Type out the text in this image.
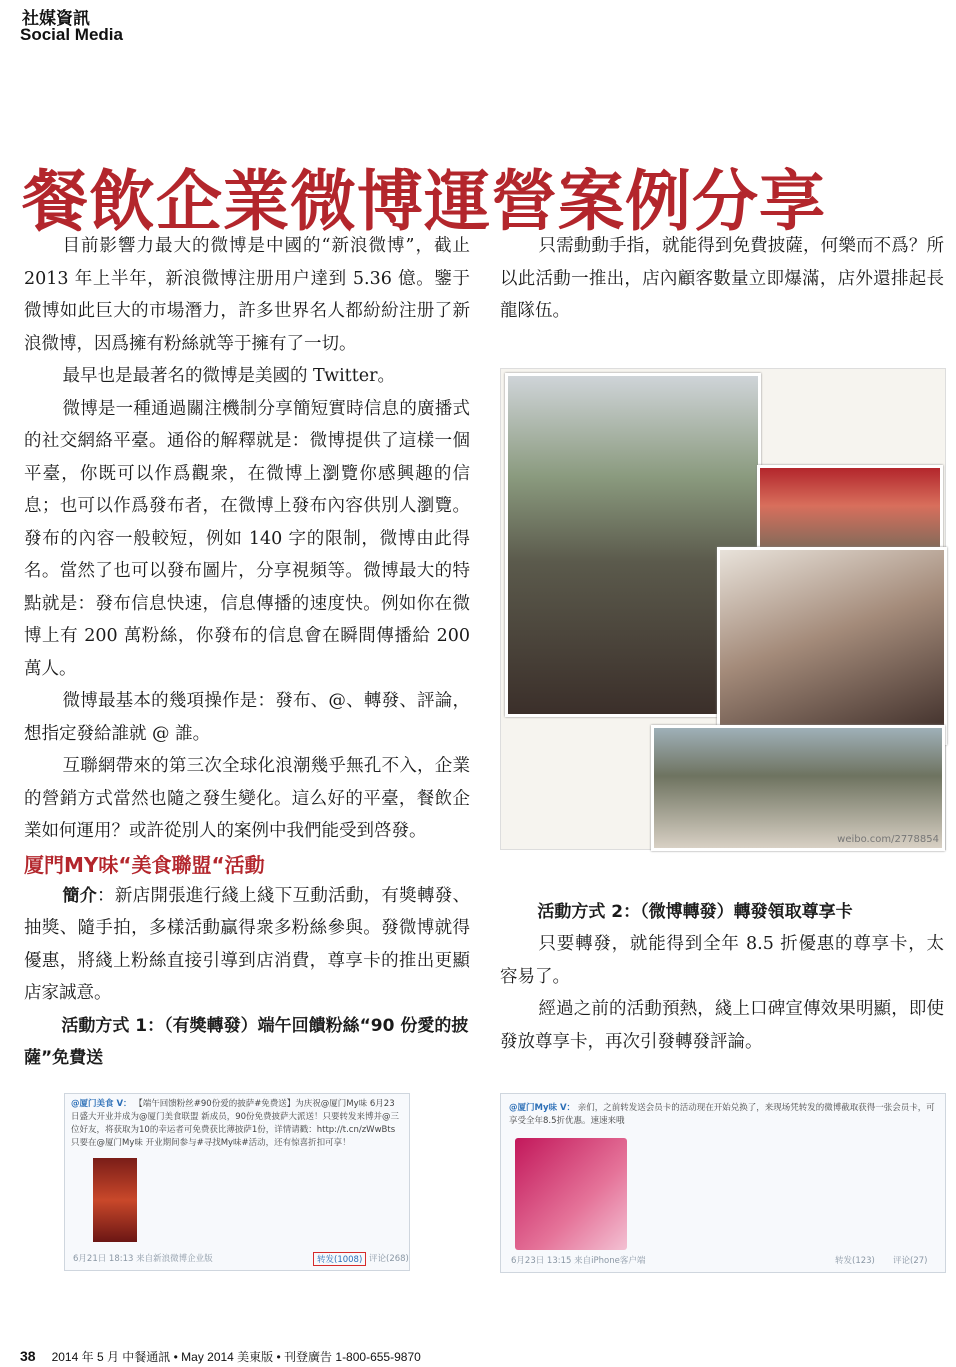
社媒資訊
Social Media
餐飲企業微博運營案例分享

目前影響力最大的微博是中國的“新浪微博”，截止 2013 年上半年，新浪微博注册用户達到 5.36 億。鑒于微博如此巨大的市場潛力，許多世界名人都紛紛注册了新浪微博，因爲擁有粉絲就等于擁有了一切。

最早也是最著名的微博是美國的 Twitter。

微博是一種通過關注機制分享簡短實時信息的廣播式的社交網絡平臺。通俗的解釋就是：微博提供了這樣一個平臺，你既可以作爲觀衆，在微博上瀏覽你感興趣的信息；也可以作爲發布者，在微博上發布內容供別人瀏覽。發布的內容一般較短，例如 140 字的限制，微博由此得名。當然了也可以發布圖片，分享視頻等。微博最大的特點就是：發布信息快速，信息傳播的速度快。例如你在微博上有 200 萬粉絲，你發布的信息會在瞬間傳播給 200 萬人。

微博最基本的幾項操作是：發布、@、轉發、評論，想指定發給誰就 @ 誰。

互聯網帶來的第三次全球化浪潮幾乎無孔不入，企業的營銷方式當然也隨之發生變化。這么好的平臺，餐飲企業如何運用？或許從別人的案例中我們能受到啓發。

厦門MY味“美食聯盟“活動

簡介：新店開張進行綫上綫下互動活動，有獎轉發、抽獎、隨手拍，多樣活動贏得衆多粉絲參與。發微博就得優惠，將綫上粉絲直接引導到店消費，尊享卡的推出更顯店家誠意。

活動方式 1：（有獎轉發）端午回饋粉絲“90 份愛的披薩”免費送

只需動動手指，就能得到免費披薩，何樂而不爲？所以此活動一推出，店內顧客數量立即爆滿，店外還排起長龍隊伍。

weibo.com/2778854

活動方式 2：（微博轉發）轉發領取尊享卡

只要轉發，就能得到全年 8.5 折優惠的尊享卡，太容易了。

經過之前的活動預熱，綫上口碑宣傳效果明顯，即使發放尊享卡，再次引發轉發評論。

@厦门美食 V： 【端午回馈粉丝#90份爱的披萨#免费送】为庆祝@厦门My味 6月23日盛大开业并成为@厦门美食联盟 新成员，90份免费披萨大派送！只要转发来博并@三位好友，将获取为10的幸运者可免费获比薄披萨1份，详情请戳：http://t.cn/zWwBts 只要在@厦门My味 开业期间参与#寻找My味#活动，还有惊喜折扣可享！
6月21日 18:13 来自新浪微博企业版	转发(1008) 评论(268)
@厦门My味 V： 亲们，之前转发送会员卡的活动现在开始兑换了，来现场凭转发的微博截取获得一张会员卡，可享受全年8.5折优惠。速速来哦
6月23日 13:15 来自iPhone客户端	转发(123) 评论(27)
38 2014 年 5 月 中餐通訊 • May 2014 美東版 • 刊登廣告 1-800-655-9870
